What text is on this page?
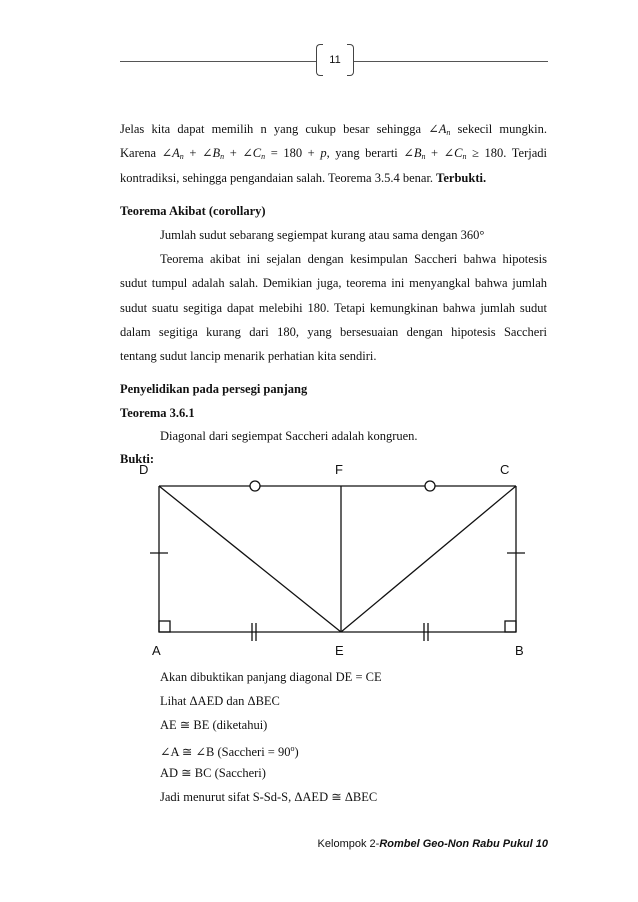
11
Jelas kita dapat memilih n yang cukup besar sehingga $\angle A_n$ sekecil mungkin.
Karena $\angle A_n$ + $\angle B_n$ + $\angle C_n = 180 + p$, yang berarti $\angle B_n$ + $\angle C_n \ge 180$. Terjadi
kontradiksi, sehingga pengandaian salah. Teorema 3.5.4 benar. Terbukti.
Teorema Akibat (corollary)
Jumlah sudut sebarang segiempat kurang atau sama dengan 360°
Teorema akibat ini sejalan dengan kesimpulan Saccheri bahwa hipotesis
sudut tumpul adalah salah. Demikian juga, teorema ini menyangkal bahwa jumlah
sudut suatu segitiga dapat melebihi 180. Tetapi kemungkinan bahwa jumlah sudut
dalam segitiga kurang dari 180, yang bersesuaian dengan hipotesis Saccheri
tentang sudut lancip menarik perhatian kita sendiri.
Penyelidikan pada persegi panjang
Teorema 3.6.1
Diagonal dari segiempat Saccheri adalah kongruen.
Bukti:
D	F	C
A	E	B
Akan dibuktikan panjang diagonal DE = CE
Lihat ΔAED dan ΔBEC
AE ≅ BE (diketahui)
∠A ≅ ∠B (Saccheri = $90^o$)
AD ≅ BC (Saccheri)
Jadi menurut sifat S-Sd-S, ΔAED ≅ ΔBEC
Kelompok 2-Rombel Geo-Non Rabu Pukul 10
